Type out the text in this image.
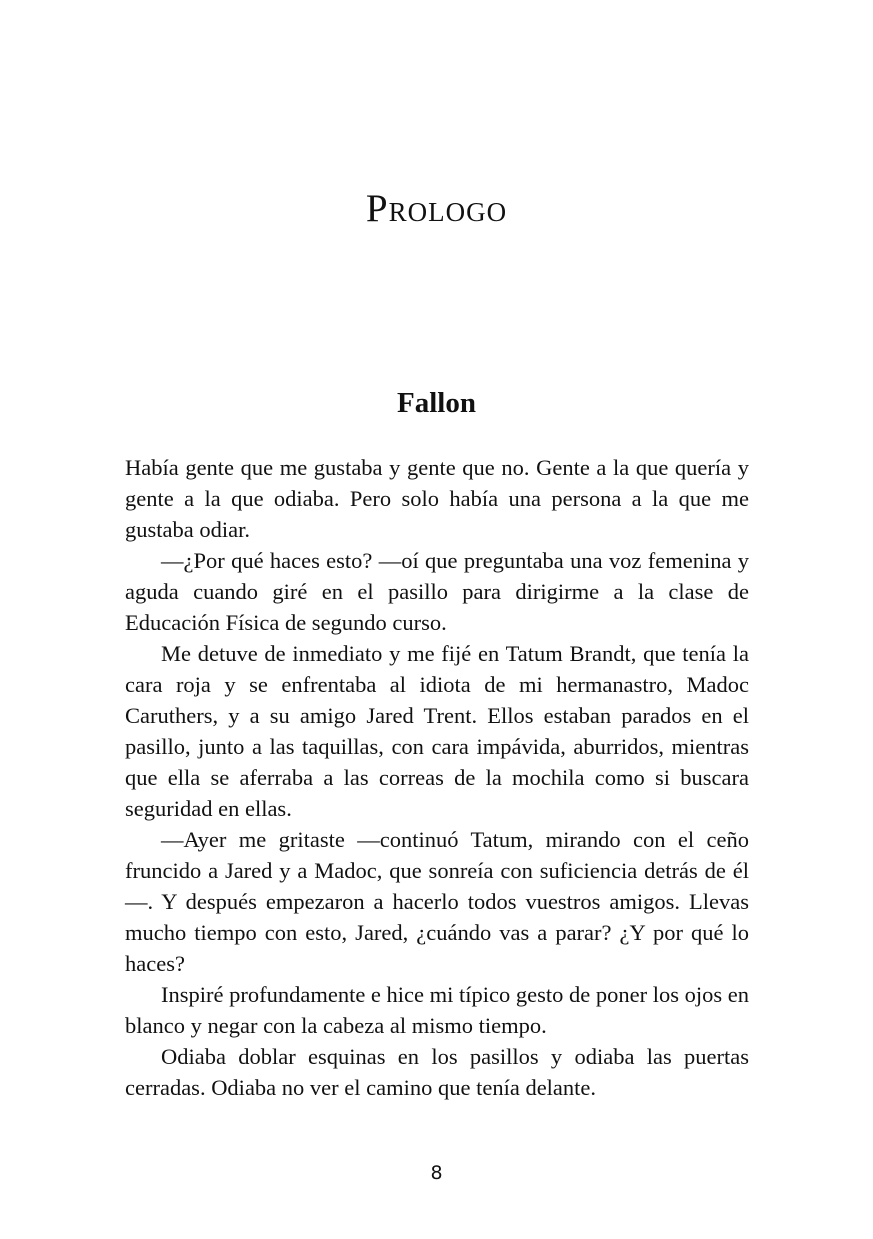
Prologo
Fallon

Había gente que me gustaba y gente que no. Gente a la que quería y gente a la que odiaba. Pero solo había una persona a la que me gustaba odiar.

—¿Por qué haces esto? —oí que preguntaba una voz femenina y aguda cuando giré en el pasillo para dirigirme a la clase de Educación Física de segundo curso.

Me detuve de inmediato y me fijé en Tatum Brandt, que tenía la cara roja y se enfrentaba al idiota de mi hermanastro, Madoc Caruthers, y a su amigo Jared Trent. Ellos estaban parados en el pasillo, junto a las taquillas, con cara impávida, aburridos, mientras que ella se aferraba a las correas de la mochila como si buscara seguridad en ellas.

—Ayer me gritaste —continuó Tatum, mirando con el ceño fruncido a Jared y a Madoc, que sonreía con suficiencia detrás de él—. Y después empezaron a hacerlo todos vuestros amigos. Llevas mucho tiempo con esto, Jared, ¿cuándo vas a parar? ¿Y por qué lo haces?

Inspiré profundamente e hice mi típico gesto de poner los ojos en blanco y negar con la cabeza al mismo tiempo.

Odiaba doblar esquinas en los pasillos y odiaba las puertas cerradas. Odiaba no ver el camino que tenía delante.

8
